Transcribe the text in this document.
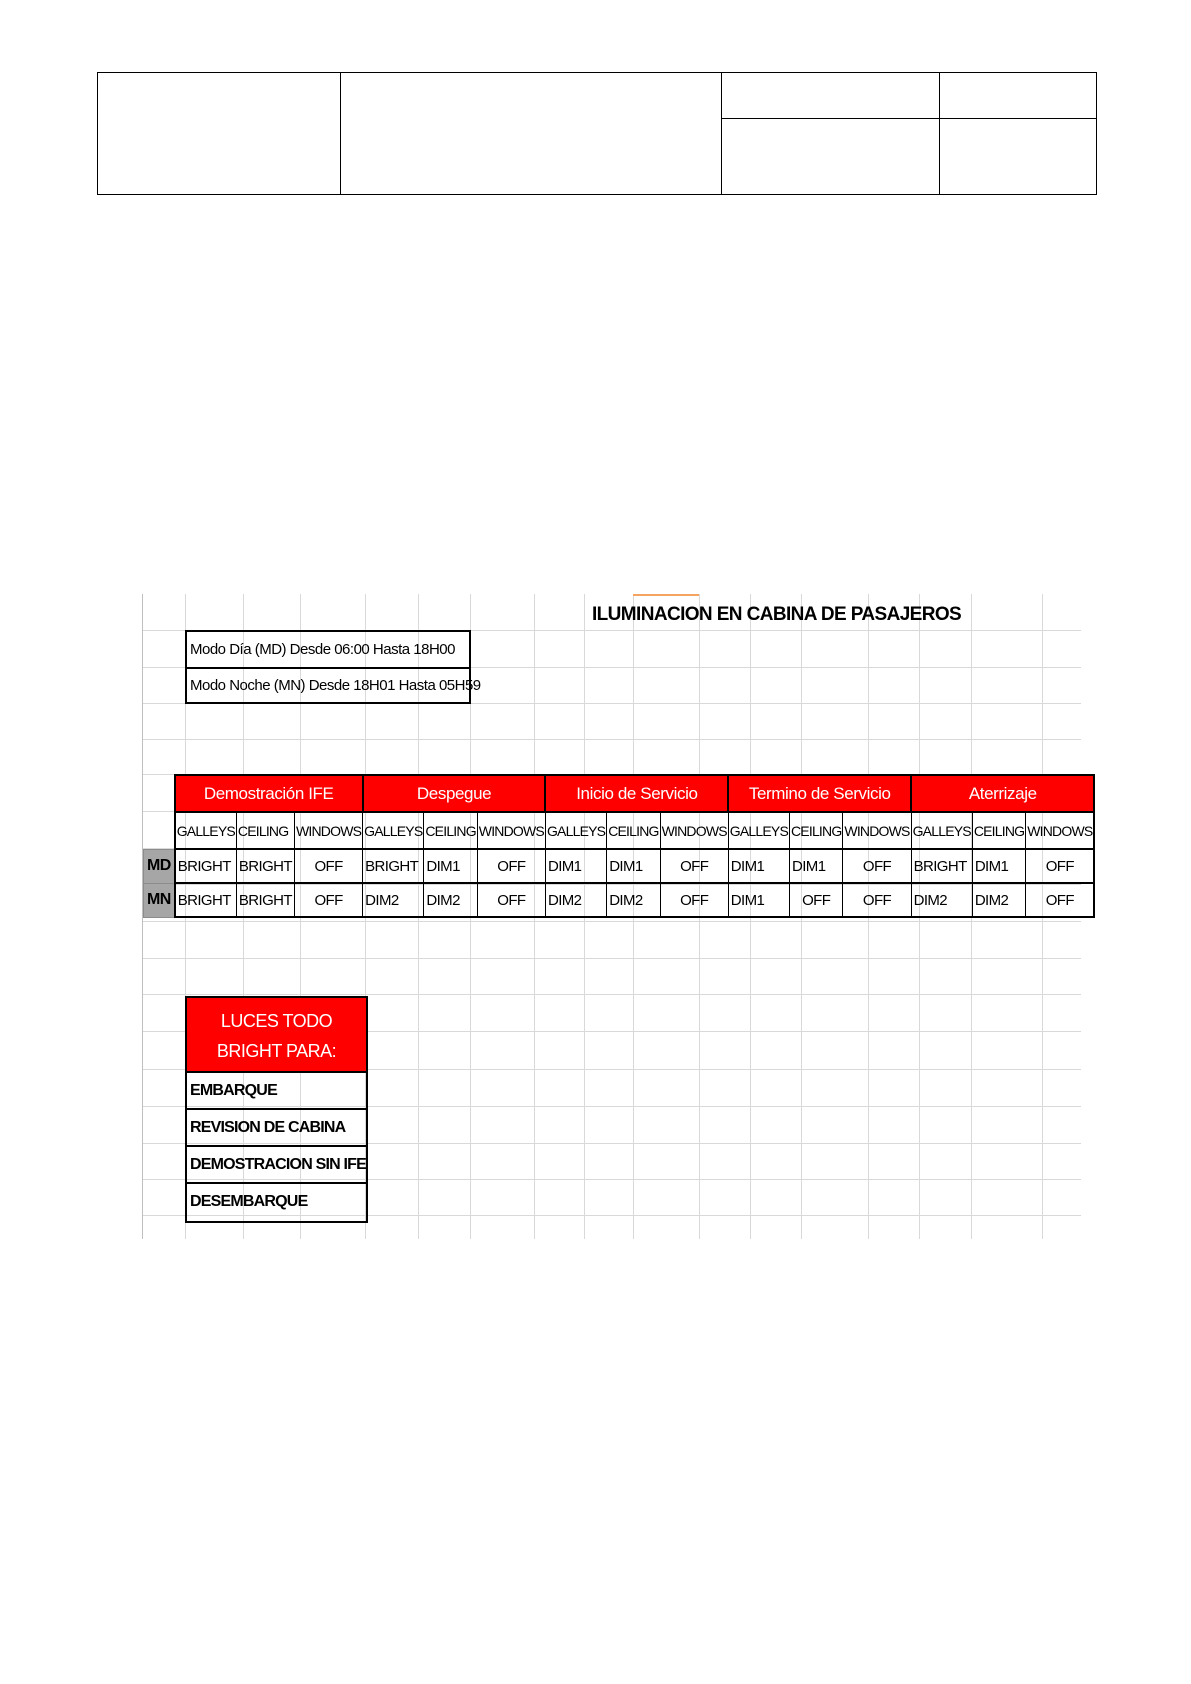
ILUMINACION EN CABINA DE PASAJEROS
Modo Día (MD) Desde 06:00 Hasta 18H00
Modo Noche (MN) Desde 18H01 Hasta 05H59
	Demostración IFE			Despegue			Inicio de Servicio			Termino de Servicio			Aterrizaje		
	GALLEYS	CEILING	WINDOWS	GALLEYS	CEILING	WINDOWS	GALLEYS	CEILING	WINDOWS	GALLEYS	CEILING	WINDOWS	GALLEYS	CEILING	WINDOWS
MD	BRIGHT	BRIGHT	OFF	BRIGHT	DIM1	OFF	DIM1	DIM1	OFF	DIM1	DIM1	OFF	BRIGHT	DIM1	OFF
MN	BRIGHT	BRIGHT	OFF	DIM2	DIM2	OFF	DIM2	DIM2	OFF	DIM1	OFF	OFF	DIM2	DIM2	OFF
LUCES TODO
BRIGHT PARA:
EMBARQUE
REVISION DE CABINA
DEMOSTRACION SIN IFE
DESEMBARQUE
